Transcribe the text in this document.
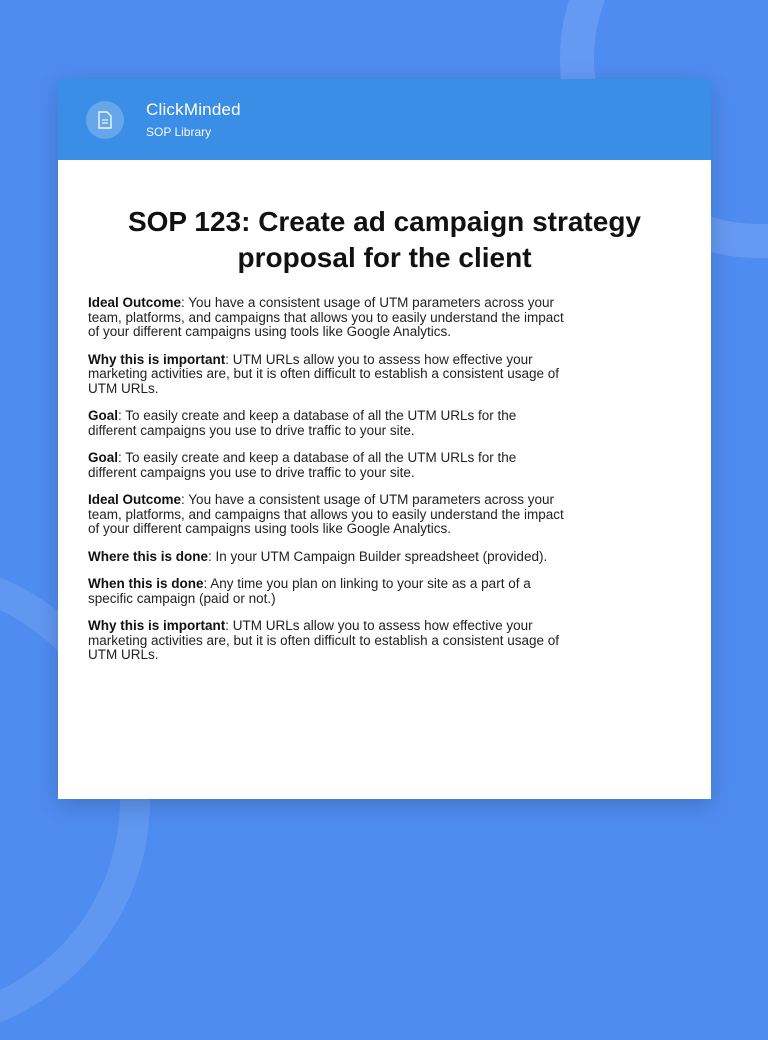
ClickMinded
SOP Library
SOP 123: Create ad campaign strategy proposal for the client

Ideal Outcome: You have a consistent usage of UTM parameters across your team, platforms, and campaigns that allows you to easily understand the impact of your different campaigns using tools like Google Analytics.

Why this is important: UTM URLs allow you to assess how effective your marketing activities are, but it is often difficult to establish a consistent usage of UTM URLs.

Goal: To easily create and keep a database of all the UTM URLs for the different campaigns you use to drive traffic to your site.

Goal: To easily create and keep a database of all the UTM URLs for the different campaigns you use to drive traffic to your site.

Ideal Outcome: You have a consistent usage of UTM parameters across your team, platforms, and campaigns that allows you to easily understand the impact of your different campaigns using tools like Google Analytics.

Where this is done: In your UTM Campaign Builder spreadsheet (provided).

When this is done: Any time you plan on linking to your site as a part of a specific campaign (paid or not.)

Why this is important: UTM URLs allow you to assess how effective your marketing activities are, but it is often difficult to establish a consistent usage of UTM URLs.
